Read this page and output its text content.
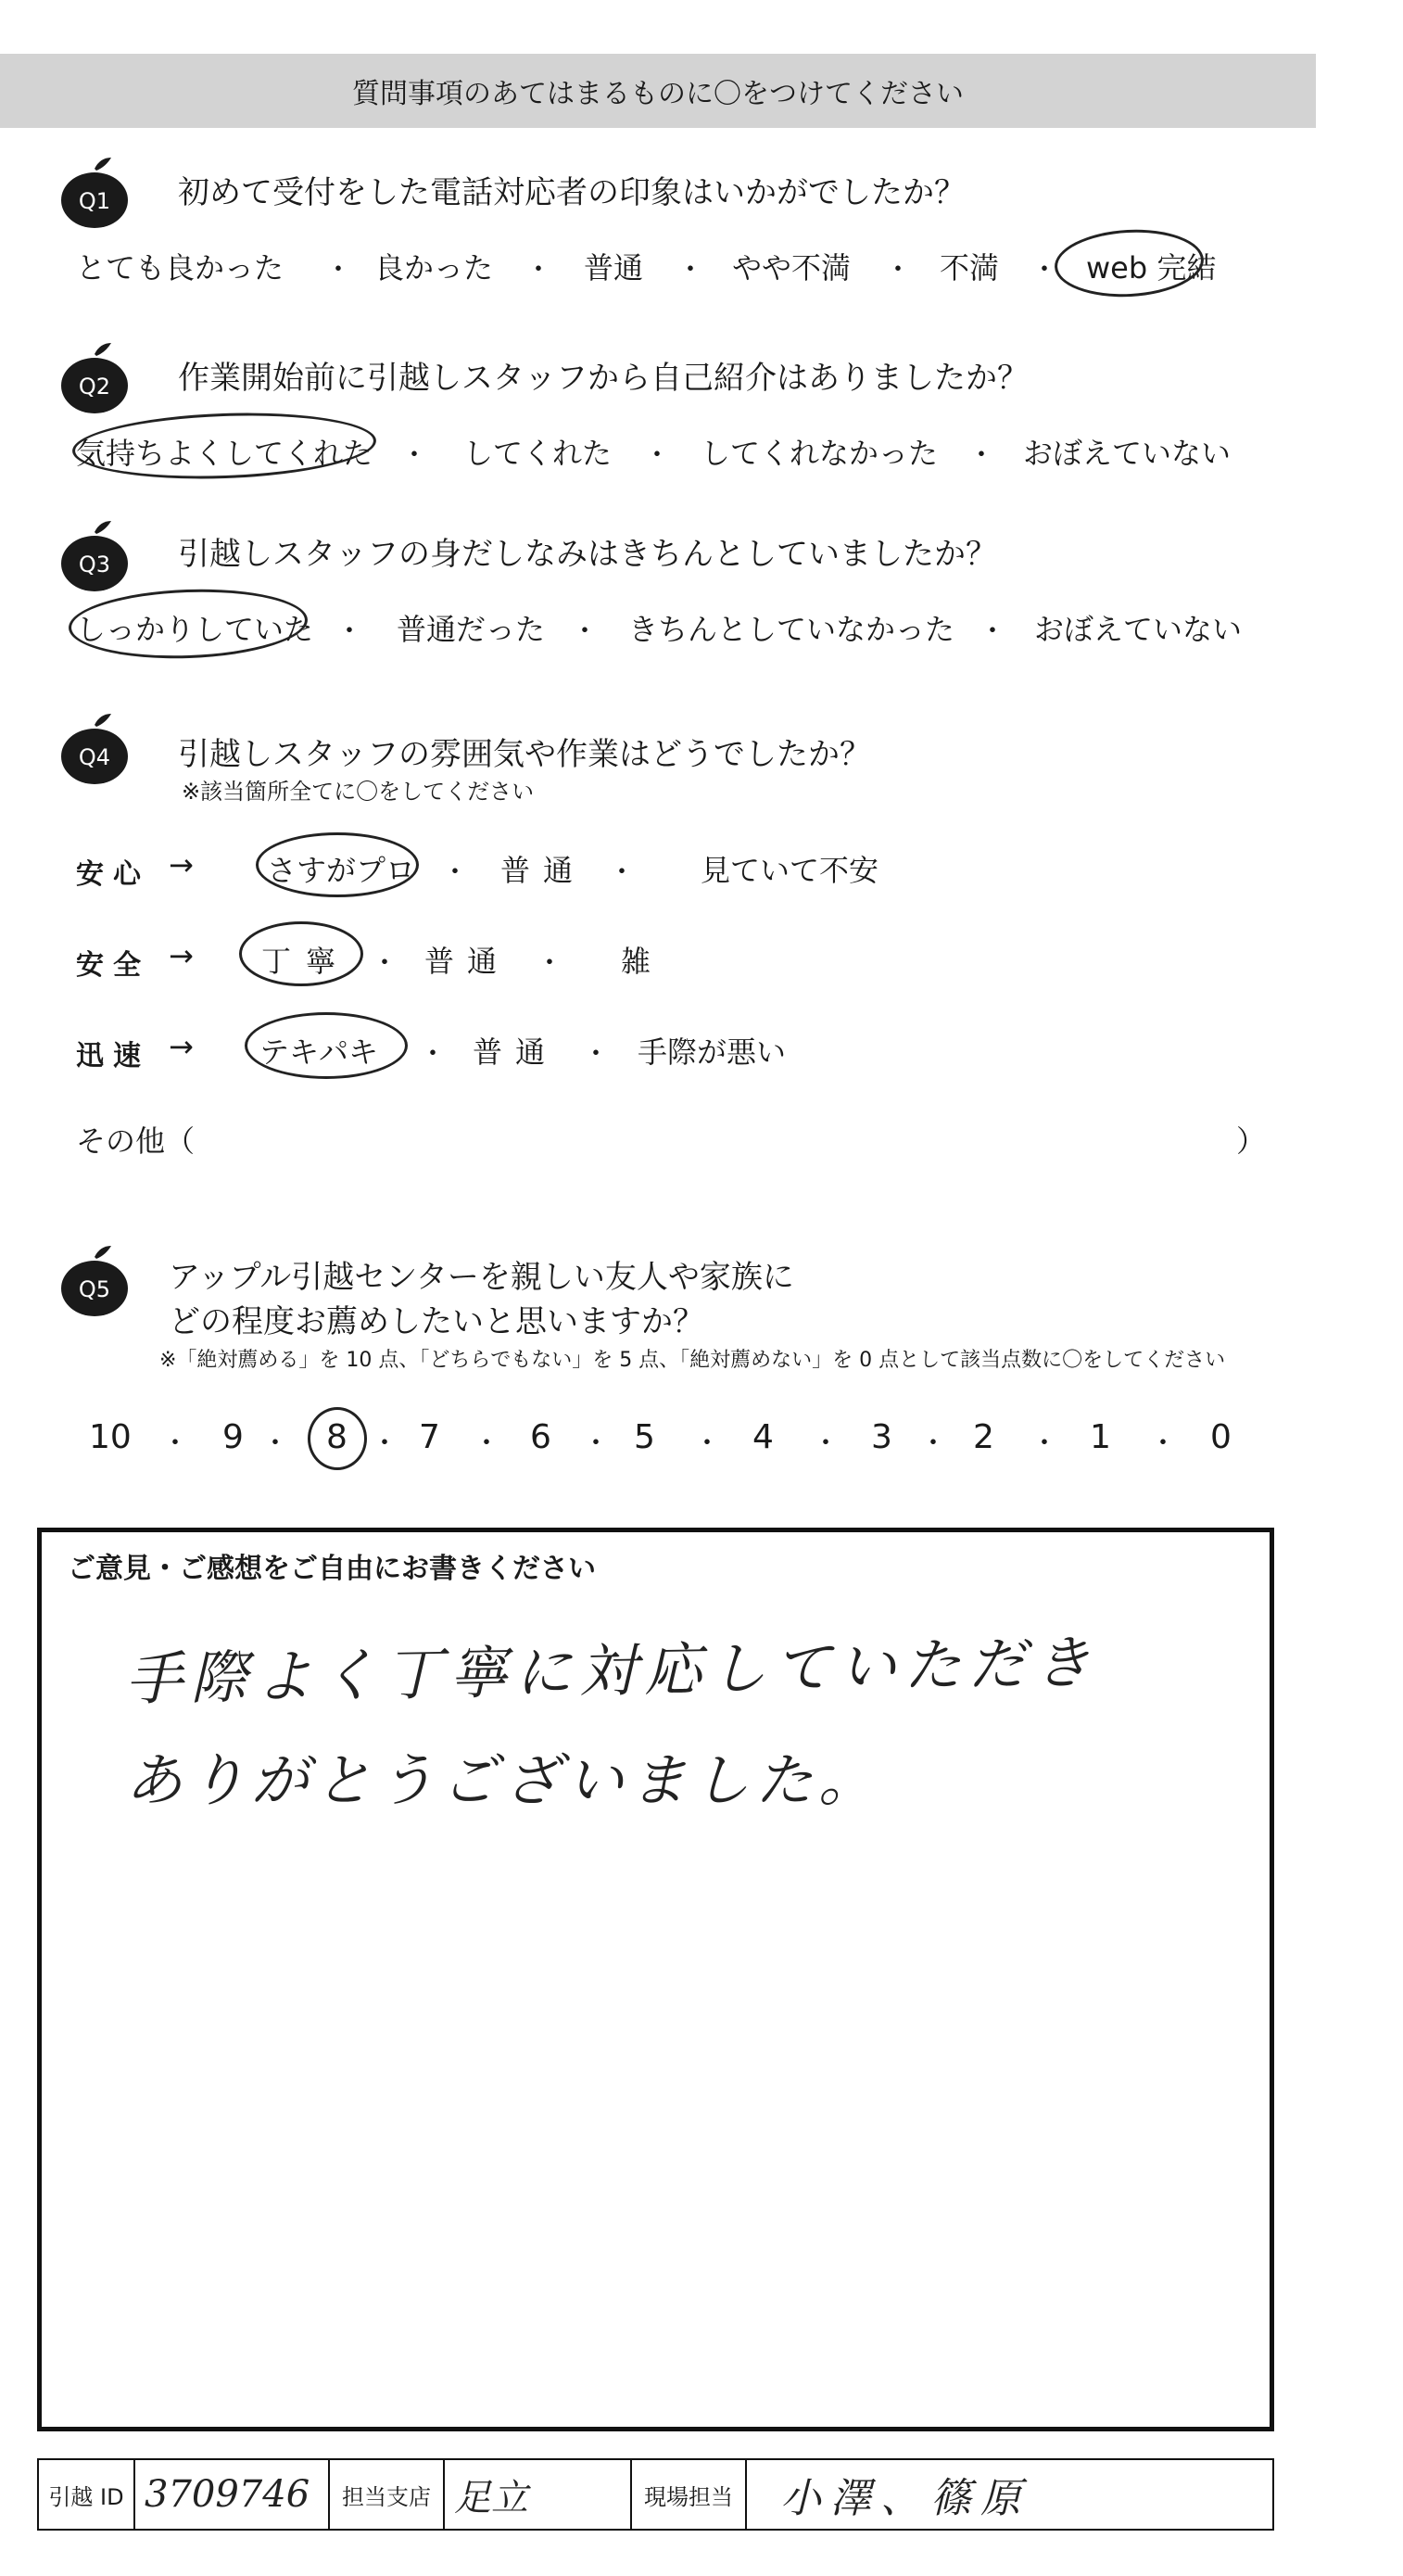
質問事項のあてはまるものに〇をつけてください
Q1 初めて受付をした電話対応者の印象はいかがでしたか？
とても良かった ・ 良かった ・ 普通 ・ やや不満 ・ 不満 ・ web 完結
Q2 作業開始前に引越しスタッフから自己紹介はありましたか？
気持ちよくしてくれた ・ してくれた ・ してくれなかった ・ おぼえていない
Q3 引越しスタッフの身だしなみはきちんとしていましたか？
しっかりしていた ・ 普通だった ・ きちんとしていなかった ・ おぼえていない
Q4 引越しスタッフの雰囲気や作業はどうでしたか？
※該当箇所全てに〇をしてください
安心 → さすがプロ ・ 普通 ・ 見ていて不安
安全 → 丁寧 ・ 普通 ・ 雑
迅速 → テキパキ ・ 普通 ・ 手際が悪い
その他（	）
Q5 アップル引越センターを親しい友人や家族に
どの程度お薦めしたいと思いますか？
※「絶対薦める」を 10 点、「どちらでもない」を 5 点、「絶対薦めない」を 0 点として該当点数に〇をしてください
10 ・ 9 ・ 8 ・ 7 ・ 6 ・ 5 ・ 4 ・ 3 ・ 2 ・ 1 ・ 0
ご意見・ご感想をご自由にお書きください
手際よく丁寧に対応していただき
ありがとうございました。
引越 ID 3709746	担当支店 足立	現場担当	小澤、篠原
